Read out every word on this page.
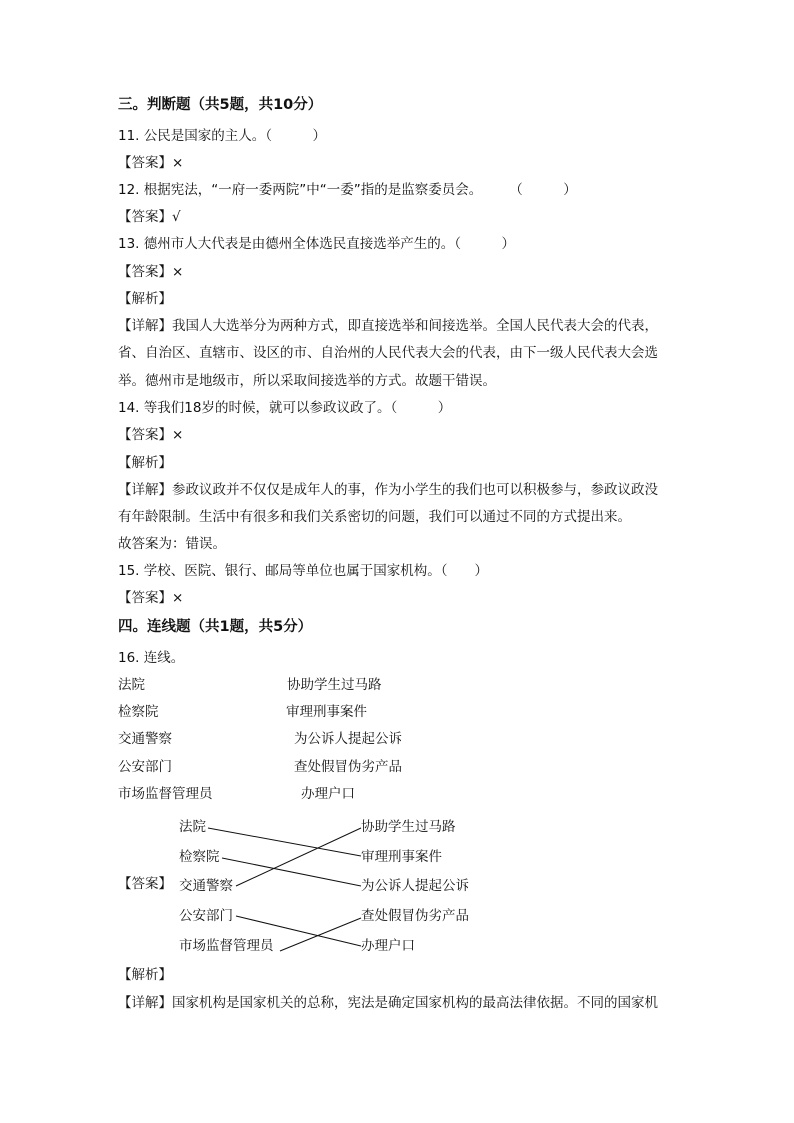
三。判断题（共5题，共10分）
11. 公民是国家的主人。（　　　）
【答案】×
12. 根据宪法，“一府一委两院”中“一委”指的是监察委员会。　　　（　　　）
【答案】√
13. 德州市人大代表是由德州全体选民直接选举产生的。（　　　）
【答案】×
【解析】
【详解】我国人大选举分为两种方式，即直接选举和间接选举。全国人民代表大会的代表，
省、自治区、直辖市、设区的市、自治州的人民代表大会的代表，由下一级人民代表大会选
举。德州市是地级市，所以采取间接选举的方式。故题干错误。
14. 等我们18岁的时候，就可以参政议政了。（　　　）
【答案】×
【解析】
【详解】参政议政并不仅仅是成年人的事，作为小学生的我们也可以积极参与，参政议政没
有年龄限制。生活中有很多和我们关系密切的问题，我们可以通过不同的方式提出来。
故答案为：错误。
15. 学校、医院、银行、邮局等单位也属于国家机构。（　　）
【答案】×
四。连线题（共1题，共5分）
16. 连线。
法院
检察院
交通警察
公安部门
市场监督管理员
协助学生过马路
审理刑事案件
为公诉人提起公诉
查处假冒伪劣产品
办理户口
【答案】
法院
检察院
交通警察
公安部门
市场监督管理员
协助学生过马路
审理刑事案件
为公诉人提起公诉
查处假冒伪劣产品
办理户口
【解析】
【详解】国家机构是国家机关的总称，宪法是确定国家机构的最高法律依据。不同的国家机
